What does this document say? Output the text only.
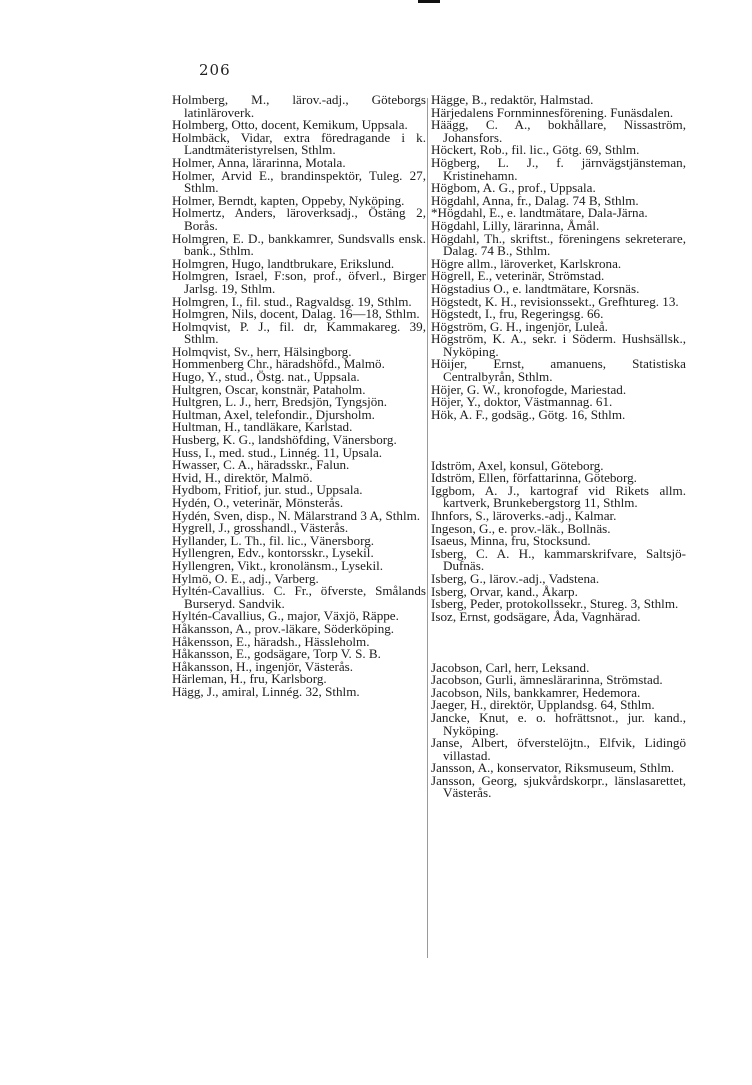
206

Holmberg, M., lärov.-adj., Göteborgs latinläroverk.

Holmberg, Otto, docent, Kemikum, Uppsala.

Holmbäck, Vidar, extra föredragande i k. Landtmäteristyrelsen, Sthlm.

Holmer, Anna, lärarinna, Motala.

Holmer, Arvid E., brandinspektör, Tuleg. 27, Sthlm.

Holmer, Berndt, kapten, Oppeby, Nyköping.

Holmertz, Anders, läroverksadj., Östäng 2, Borås.

Holmgren, E. D., bankkamrer, Sundsvalls ensk. bank., Sthlm.

Holmgren, Hugo, landtbrukare, Erikslund.

Holmgren, Israel, F:son, prof., öfverl., Birger Jarlsg. 19, Sthlm.

Holmgren, I., fil. stud., Ragvaldsg. 19, Sthlm.

Holmgren, Nils, docent, Dalag. 16—18, Sthlm.

Holmqvist, P. J., fil. dr, Kammakareg. 39, Sthlm.

Holmqvist, Sv., herr, Hälsingborg.

Hommenberg Chr., häradshöfd., Malmö.

Hugo, Y., stud., Östg. nat., Uppsala.

Hultgren, Oscar, konstnär, Pataholm.

Hultgren, L. J., herr, Bredsjön, Tyngsjön.

Hultman, Axel, telefondir., Djursholm.

Hultman, H., tandläkare, Karlstad.

Husberg, K. G., landshöfding, Vänersborg.

Huss, I., med. stud., Linnég. 11, Upsala.

Hwasser, C. A., häradsskr., Falun.

Hvid, H., direktör, Malmö.

Hydbom, Fritiof, jur. stud., Uppsala.

Hydén, O., veterinär, Mönsterås.

Hydén, Sven, disp., N. Mälarstrand 3 A, Sthlm.

Hygrell, J., grosshandl., Västerås.

Hyllander, L. Th., fil. lic., Vänersborg.

Hyllengren, Edv., kontorsskr., Lysekil.

Hyllengren, Vikt., kronolänsm., Lysekil.

Hylmö, O. E., adj., Varberg.

Hyltén-Cavallius. C. Fr., öfverste, Smålands Burseryd. Sandvik.

Hyltén-Cavallius, G., major, Växjö, Räppe.

Håkansson, A., prov.-läkare, Söderköping.

Håkensson, E., häradsh., Hässleholm.

Håkansson, E., godsägare, Torp V. S. B.

Håkansson, H., ingenjör, Västerås.

Härleman, H., fru, Karlsborg.

Hägg, J., amiral, Linnég. 32, Sthlm.

Hägge, B., redaktör, Halmstad.

Härjedalens Fornminnesförening. Funäsdalen.

Häägg, C. A., bokhållare, Nissaström, Johansfors.

Höckert, Rob., fil. lic., Götg. 69, Sthlm.

Högberg, L. J., f. järnvägstjänsteman, Kristinehamn.

Högbom, A. G., prof., Uppsala.

Högdahl, Anna, fr., Dalag. 74 B, Sthlm.

*Högdahl, E., e. landtmätare, Dala-Järna.

Högdahl, Lilly, lärarinna, Åmål.

Högdahl, Th., skriftst., föreningens sekreterare, Dalag. 74 B., Sthlm.

Högre allm., läroverket, Karlskrona.

Högrell, E., veterinär, Strömstad.

Högstadius O., e. landtmätare, Korsnäs.

Högstedt, K. H., revisionssekt., Grefhtureg. 13.

Högstedt, I., fru, Regeringsg. 66.

Högström, G. H., ingenjör, Luleå.

Högström, K. A., sekr. i Söderm. Hushsällsk., Nyköping.

Höijer, Ernst, amanuens, Statistiska Centralbyrån, Sthlm.

Höjer, G. W., kronofogde, Mariestad.

Höjer, Y., doktor, Västmannag. 61.

Hök, A. F., godsäg., Götg. 16, Sthlm.

Idström, Axel, konsul, Göteborg.

Idström, Ellen, författarinna, Göteborg.

Iggbom, A. J., kartograf vid Rikets allm. kartverk, Brunkebergstorg 11, Sthlm.

Ihnfors, S., läroverks.-adj., Kalmar.

Ingeson, G., e. prov.-läk., Bollnäs.

Isaeus, Minna, fru, Stocksund.

Isberg, C. A. H., kammarskrifvare, Saltsjö-Dufnäs.

Isberg, G., lärov.-adj., Vadstena.

Isberg, Orvar, kand., Åkarp.

Isberg, Peder, protokollssekr., Stureg. 3, Sthlm.

Isoz, Ernst, godsägare, Åda, Vagnhärad.

Jacobson, Carl, herr, Leksand.

Jacobson, Gurli, ämneslärarinna, Strömstad.

Jacobson, Nils, bankkamrer, Hedemora.

Jaeger, H., direktör, Upplandsg. 64, Sthlm.

Jancke, Knut, e. o. hofrättsnot., jur. kand., Nyköping.

Janse, Albert, öfverstelöjtn., Elfvik, Lidingö villastad.

Jansson, A., konservator, Riksmuseum, Sthlm.

Jansson, Georg, sjukvårdskorpr., länslasarettet, Västerås.
